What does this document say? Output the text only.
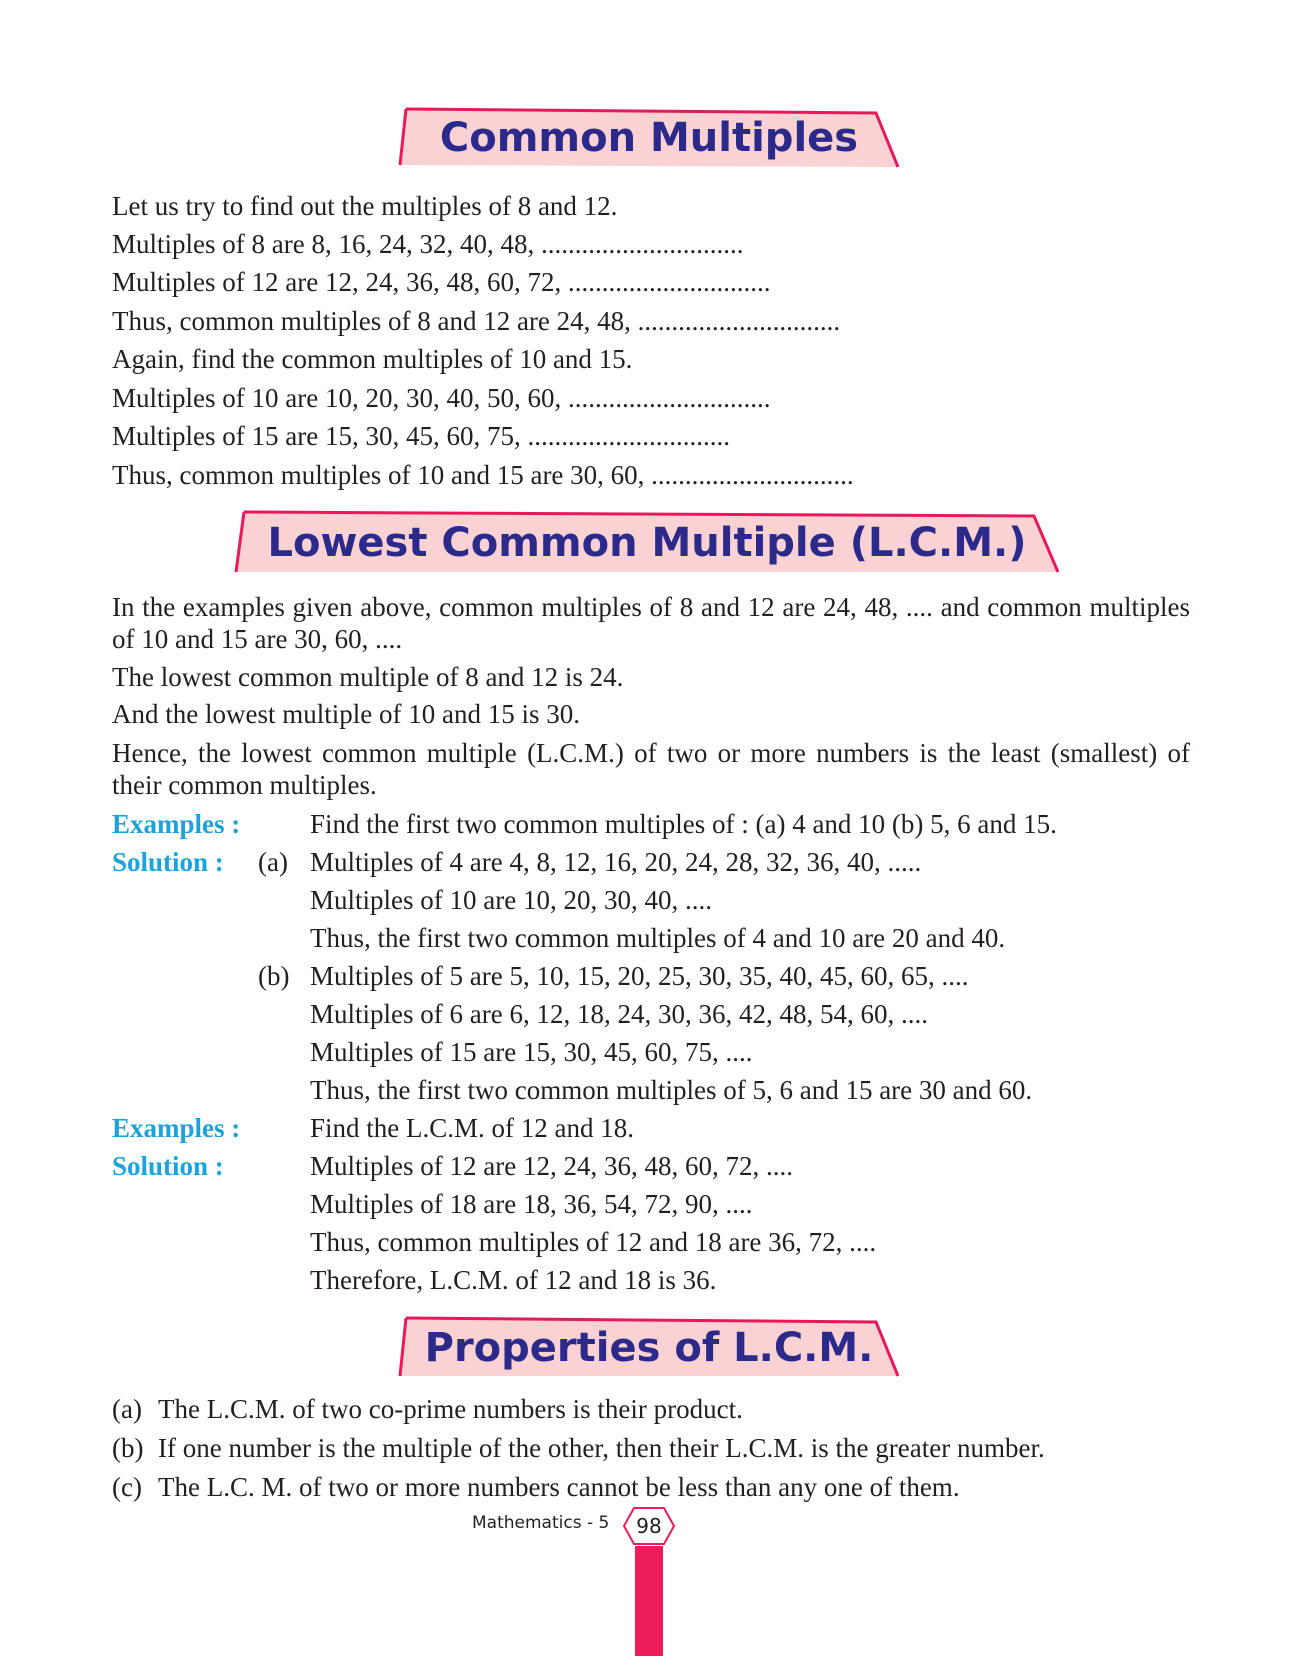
Common Multiples
Let us try to find out the multiples of 8 and 12.
Multiples of 8 are 8, 16, 24, 32, 40, 48, ..............................
Multiples of 12 are 12, 24, 36, 48, 60, 72, ..............................
Thus, common multiples of 8 and 12 are 24, 48, ..............................
Again, find the common multiples of 10 and 15.
Multiples of 10 are 10, 20, 30, 40, 50, 60, ..............................
Multiples of 15 are 15, 30, 45, 60, 75, ..............................
Thus, common multiples of 10 and 15 are 30, 60, ..............................
Lowest Common Multiple (L.C.M.)
In the examples given above, common multiples of 8 and 12 are 24, 48, .... and common multiples of 10 and 15 are 30, 60, ....
The lowest common multiple of 8 and 12 is 24.
And the lowest multiple of 10 and 15 is 30.
Hence, the lowest common multiple (L.C.M.) of two or more numbers is the least (smallest) of their common multiples.
Examples :	Find the first two common multiples of : (a) 4 and 10 (b) 5, 6 and 15.
Solution : (a) Multiples of 4 are 4, 8, 12, 16, 20, 24, 28, 32, 36, 40, .....
Multiples of 10 are 10, 20, 30, 40, ....
Thus, the first two common multiples of 4 and 10 are 20 and 40.
(b) Multiples of 5 are 5, 10, 15, 20, 25, 30, 35, 40, 45, 60, 65, ....
Multiples of 6 are 6, 12, 18, 24, 30, 36, 42, 48, 54, 60, ....
Multiples of 15 are 15, 30, 45, 60, 75, ....
Thus, the first two common multiples of 5, 6 and 15 are 30 and 60.
Examples :	Find the L.C.M. of 12 and 18.
Solution :	Multiples of 12 are 12, 24, 36, 48, 60, 72, ....
Multiples of 18 are 18, 36, 54, 72, 90, ....
Thus, common multiples of 12 and 18 are 36, 72, ....
Therefore, L.C.M. of 12 and 18 is 36.
Properties of L.C.M.
(a) The L.C.M. of two co-prime numbers is their product.
(b) If one number is the multiple of the other, then their L.C.M. is the greater number.
(c) The L.C. M. of two or more numbers cannot be less than any one of them.
Mathematics - 5	98
